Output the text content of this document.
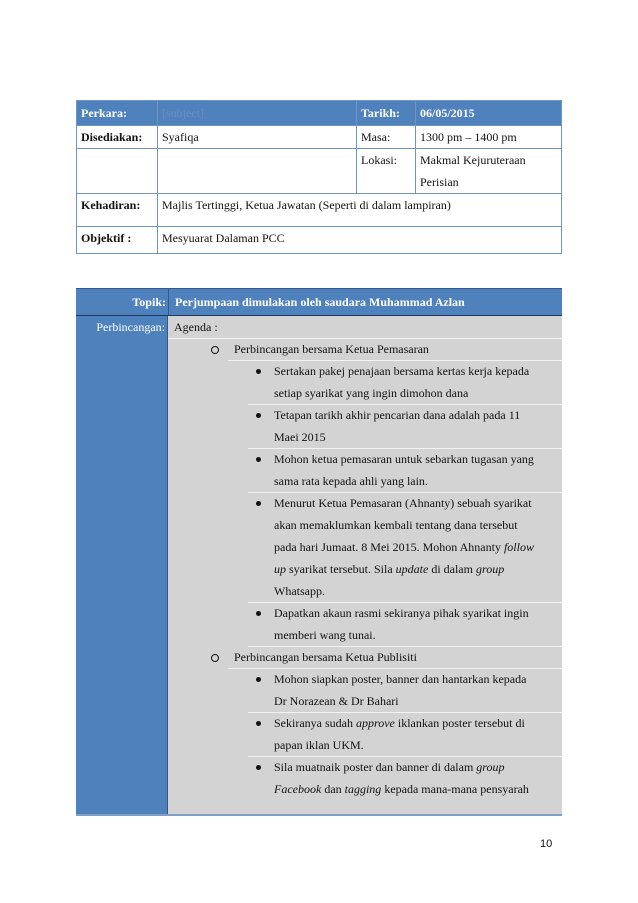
Perkara:	[subject]	Tarikh:	06/05/2015
Disediakan:	Syafiqa	Masa:	1300 pm – 1400 pm
		Lokasi:	Makmal Kejuruteraan
Perisian
Kehadiran:	Majlis Tertinggi, Ketua Jawatan (Seperti di dalam lampiran)		
Objektif :	Mesyuarat Dalaman PCC		
Topik: Perjumpaan dimulakan oleh saudara Muhammad Azlan
Perbincangan: Agenda :
Perbincangan bersama Ketua Pemasaran
Sertakan pakej penajaan bersama kertas kerja kepada
setiap syarikat yang ingin dimohon dana
Tetapan tarikh akhir pencarian dana adalah pada 11
Maei 2015
Mohon ketua pemasaran untuk sebarkan tugasan yang
sama rata kepada ahli yang lain.
Menurut Ketua Pemasaran (Ahnanty) sebuah syarikat
akan memaklumkan kembali tentang dana tersebut
pada hari Jumaat. 8 Mei 2015. Mohon Ahnanty follow
up syarikat tersebut. Sila update di dalam group
Whatsapp.
Dapatkan akaun rasmi sekiranya pihak syarikat ingin
memberi wang tunai.
Perbincangan bersama Ketua Publisiti
Mohon siapkan poster, banner dan hantarkan kepada
Dr Norazean & Dr Bahari
Sekiranya sudah approve iklankan poster tersebut di
papan iklan UKM.
Sila muatnaik poster dan banner di dalam group
Facebook dan tagging kepada mana-mana pensyarah
10
